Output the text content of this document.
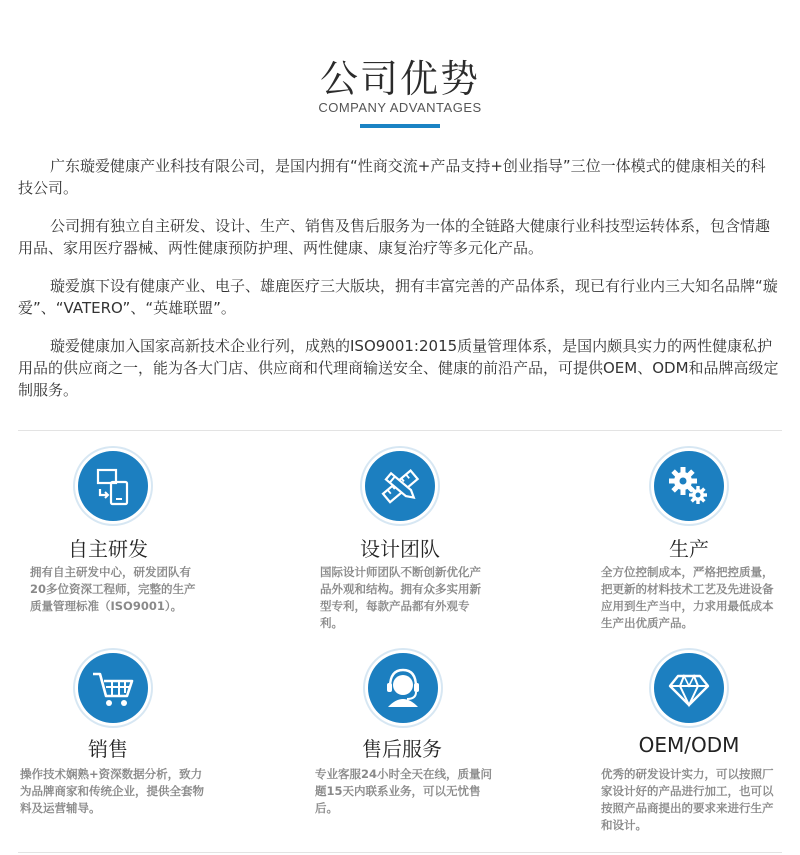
公司优势
COMPANY ADVANTAGES

广东璇爱健康产业科技有限公司，是国内拥有“性商交流+产品支持+创业指导”三位一体模式的健康相关的科技公司。

公司拥有独立自主研发、设计、生产、销售及售后服务为一体的全链路大健康行业科技型运转体系，包含情趣用品、家用医疗器械、两性健康预防护理、两性健康、康复治疗等多元化产品。

璇爱旗下设有健康产业、电子、雄鹿医疗三大版块，拥有丰富完善的产品体系，现已有行业内三大知名品牌“璇爱”、“VATERO”、“英雄联盟”。

璇爱健康加入国家高新技术企业行列，成熟的ISO9001:2015质量管理体系，是国内颇具实力的两性健康私护用品的供应商之一，能为各大门店、供应商和代理商输送安全、健康的前沿产品，可提供OEM、ODM和品牌高级定制服务。

自主研发
拥有自主研发中心，研发团队有20多位资深工程师，完整的生产质量管理标准（ISO9001）。
设计团队
国际设计师团队不断创新优化产品外观和结构。拥有众多实用新型专利，每款产品都有外观专利。
生产
全方位控制成本，严格把控质量，把更新的材料技术工艺及先进设备应用到生产当中，力求用最低成本生产出优质产品。
销售
操作技术娴熟+资深数据分析，致力为品牌商家和传统企业，提供全套物料及运营辅导。
售后服务
专业客服24小时全天在线，质量问题15天内联系业务，可以无忧售后。
OEM/ODM
优秀的研发设计实力，可以按照厂家设计好的产品进行加工，也可以按照产品商提出的要求来进行生产和设计。
